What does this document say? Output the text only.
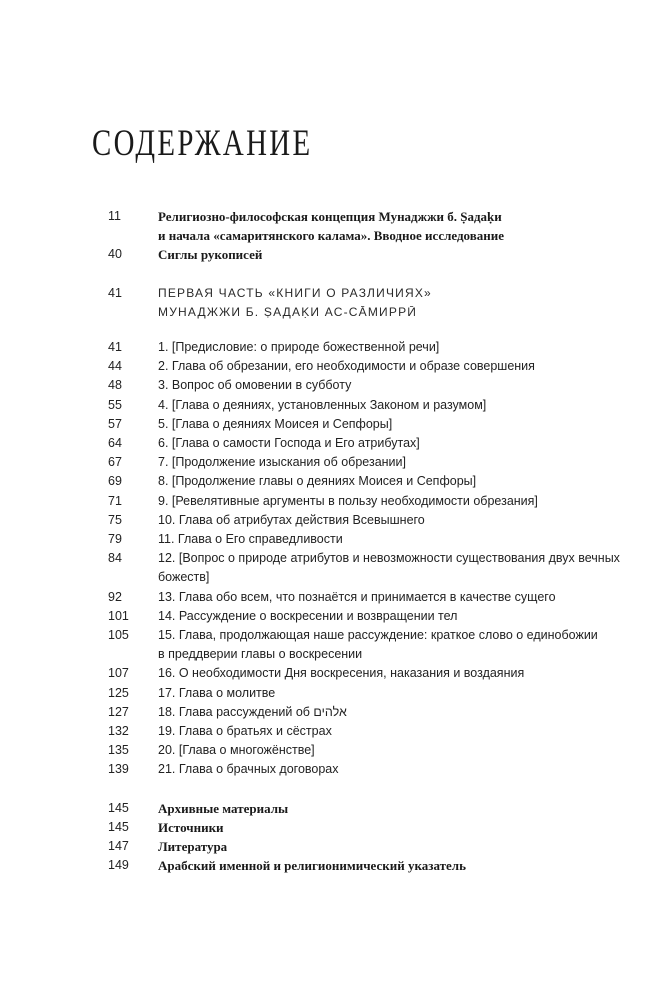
СОДЕРЖАНИЕ
11	Религиозно-философская концепция Мунаджжи б. Ṣадаḳи
и начала «самаритянского калама». Вводное исследование
40	Сиглы рукописей
41	ПЕРВАЯ ЧАСТЬ «КНИГИ О РАЗЛИЧИЯХ»
МУНАДЖЖИ Б. ṢАДАḲИ АС-СĀМИРРӢ
41	1. [Предисловие: о природе божественной речи]
44	2. Глава об обрезании, его необходимости и образе совершения
48	3. Вопрос об омовении в субботу
55	4. [Глава о деяниях, установленных Законом и разумом]
57	5. [Глава о деяниях Моисея и Сепфоры]
64	6. [Глава о самости Господа и Его атрибутах]
67	7. [Продолжение изыскания об обрезании]
69	8. [Продолжение главы о деяниях Моисея и Сепфоры]
71	9. [Ревелятивные аргументы в пользу необходимости обрезания]
75	10. Глава об атрибутах действия Всевышнего
79	11. Глава о Его справедливости
84	12. [Вопрос о природе атрибутов и невозможности существования двух вечных
божеств]
92	13. Глава обо всем, что познаётся и принимается в качестве сущего
101	14. Рассуждение о воскресении и возвращении тел
105	15. Глава, продолжающая наше рассуждение: краткое слово о единобожии
в преддверии главы о воскресении
107	16. О необходимости Дня воскресения, наказания и воздаяния
125	17. Глава о молитве
127	18. Глава рассуждений об אלהים
132	19. Глава о братьях и сёстрах
135	20. [Глава о многожёнстве]
139	21. Глава о брачных договорах
145	Архивные материалы
145	Источники
147	Литература
149	Арабский именной и религионимический указатель
